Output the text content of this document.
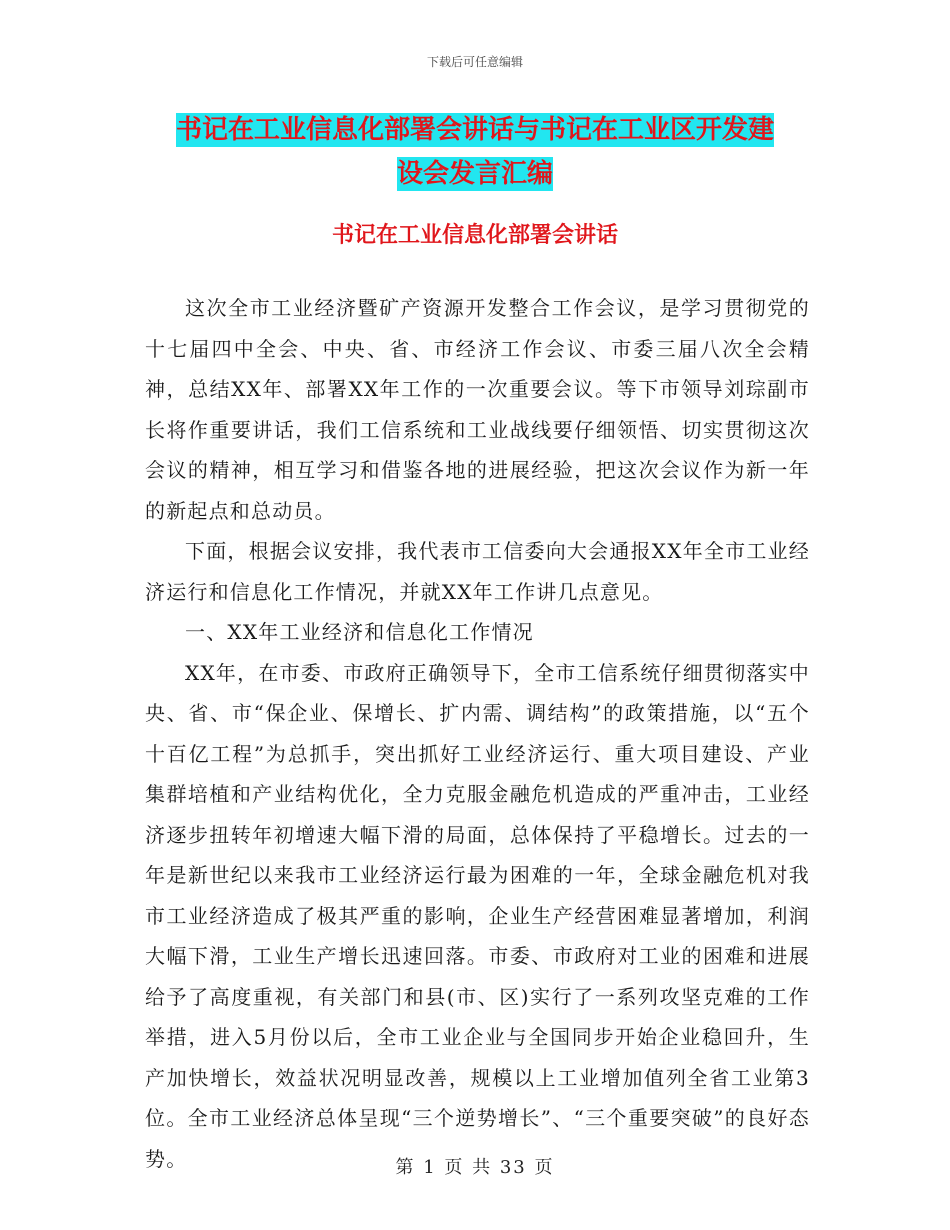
下载后可任意编辑
书记在工业信息化部署会讲话与书记在工业区开发建
设会发言汇编
书记在工业信息化部署会讲话

这次全市工业经济暨矿产资源开发整合工作会议，是学习贯彻党的十七届四中全会、中央、省、市经济工作会议、市委三届八次全会精神，总结XX年、部署XX年工作的一次重要会议。等下市领导刘琮副市长将作重要讲话，我们工信系统和工业战线要仔细领悟、切实贯彻这次会议的精神，相互学习和借鉴各地的进展经验，把这次会议作为新一年的新起点和总动员。

下面，根据会议安排，我代表市工信委向大会通报XX年全市工业经济运行和信息化工作情况，并就XX年工作讲几点意见。

一、XX年工业经济和信息化工作情况

XX年，在市委、市政府正确领导下，全市工信系统仔细贯彻落实中央、省、市“保企业、保增长、扩内需、调结构”的政策措施，以“五个十百亿工程”为总抓手，突出抓好工业经济运行、重大项目建设、产业集群培植和产业结构优化，全力克服金融危机造成的严重冲击，工业经济逐步扭转年初增速大幅下滑的局面，总体保持了平稳增长。过去的一年是新世纪以来我市工业经济运行最为困难的一年，全球金融危机对我市工业经济造成了极其严重的影响，企业生产经营困难显著增加，利润大幅下滑，工业生产增长迅速回落。市委、市政府对工业的困难和进展给予了高度重视，有关部门和县(市、区)实行了一系列攻坚克难的工作举措，进入5月份以后，全市工业企业与全国同步开始企业稳回升，生产加快增长，效益状况明显改善，规模以上工业增加值列全省工业第3位。全市工业经济总体呈现“三个逆势增长”、“三个重要突破”的良好态势。	第 1 页 共 33 页
